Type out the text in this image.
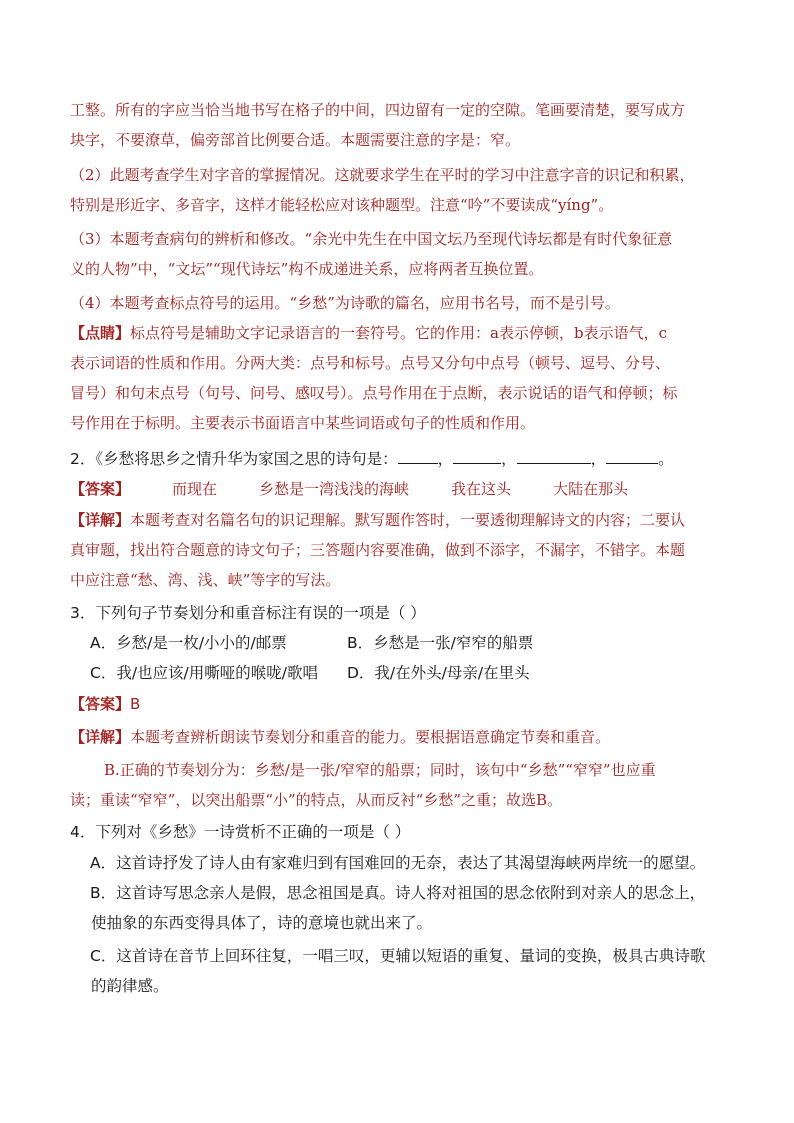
工整。所有的字应当恰当地书写在格子的中间，四边留有一定的空隙。笔画要清楚，要写成方
块字，不要潦草，偏旁部首比例要合适。本题需要注意的字是：窄。
（2）此题考查学生对字音的掌握情况。这就要求学生在平时的学习中注意字音的识记和积累，
特别是形近字、多音字，这样才能轻松应对该种题型。注意“吟”不要读成“yíng”。
（3）本题考查病句的辨析和修改。“余光中先生在中国文坛乃至现代诗坛都是有时代象征意
义的人物”中，“文坛”“现代诗坛”构不成递进关系，应将两者互换位置。
（4）本题考查标点符号的运用。“乡愁”为诗歌的篇名，应用书名号，而不是引号。
【点睛】标点符号是辅助文字记录语言的一套符号。它的作用：a表示停顿，b表示语气，c
表示词语的性质和作用。分两大类：点号和标号。点号又分句中点号（顿号、逗号、分号、
冒号）和句末点号（句号、问号、感叹号）。点号作用在于点断，表示说话的语气和停顿；标
号作用在于标明。主要表示书面语言中某些词语或句子的性质和作用。
2．《乡愁将思乡之情升华为家国之思的诗句是：	，	，	，	。
【答案】	而现在	乡愁是一湾浅浅的海峡	我在这头	大陆在那头
【详解】本题考查对名篇名句的识记理解。默写题作答时，一要透彻理解诗文的内容；二要认
真审题，找出符合题意的诗文句子；三答题内容要准确，做到不添字，不漏字，不错字。本题
中应注意“愁、湾、浅、峡”等字的写法。
3．下列句子节奏划分和重音标注有误的一项是（ ）
A．乡愁/是一枚/小小的/邮票	B．乡愁是一张/窄窄的船票
C．我/也应该/用嘶哑的喉咙/歌唱 D．我/在外头/母亲/在里头
【答案】B
【详解】本题考查辨析朗读节奏划分和重音的能力。要根据语意确定节奏和重音。
B.正确的节奏划分为：乡愁/是一张/窄窄的船票；同时，该句中“乡愁”“窄窄”也应重
读；重读“窄窄”，以突出船票“小”的特点，从而反衬“乡愁”之重；故选B。
4．下列对《乡愁》一诗赏析不正确的一项是（ ）
A．这首诗抒发了诗人由有家难归到有国难回的无奈，表达了其渴望海峡两岸统一的愿望。
B．这首诗写思念亲人是假，思念祖国是真。诗人将对祖国的思念依附到对亲人的思念上，
使抽象的东西变得具体了，诗的意境也就出来了。
C．这首诗在音节上回环往复，一唱三叹，更辅以短语的重复、量词的变换，极具古典诗歌
的韵律感。
